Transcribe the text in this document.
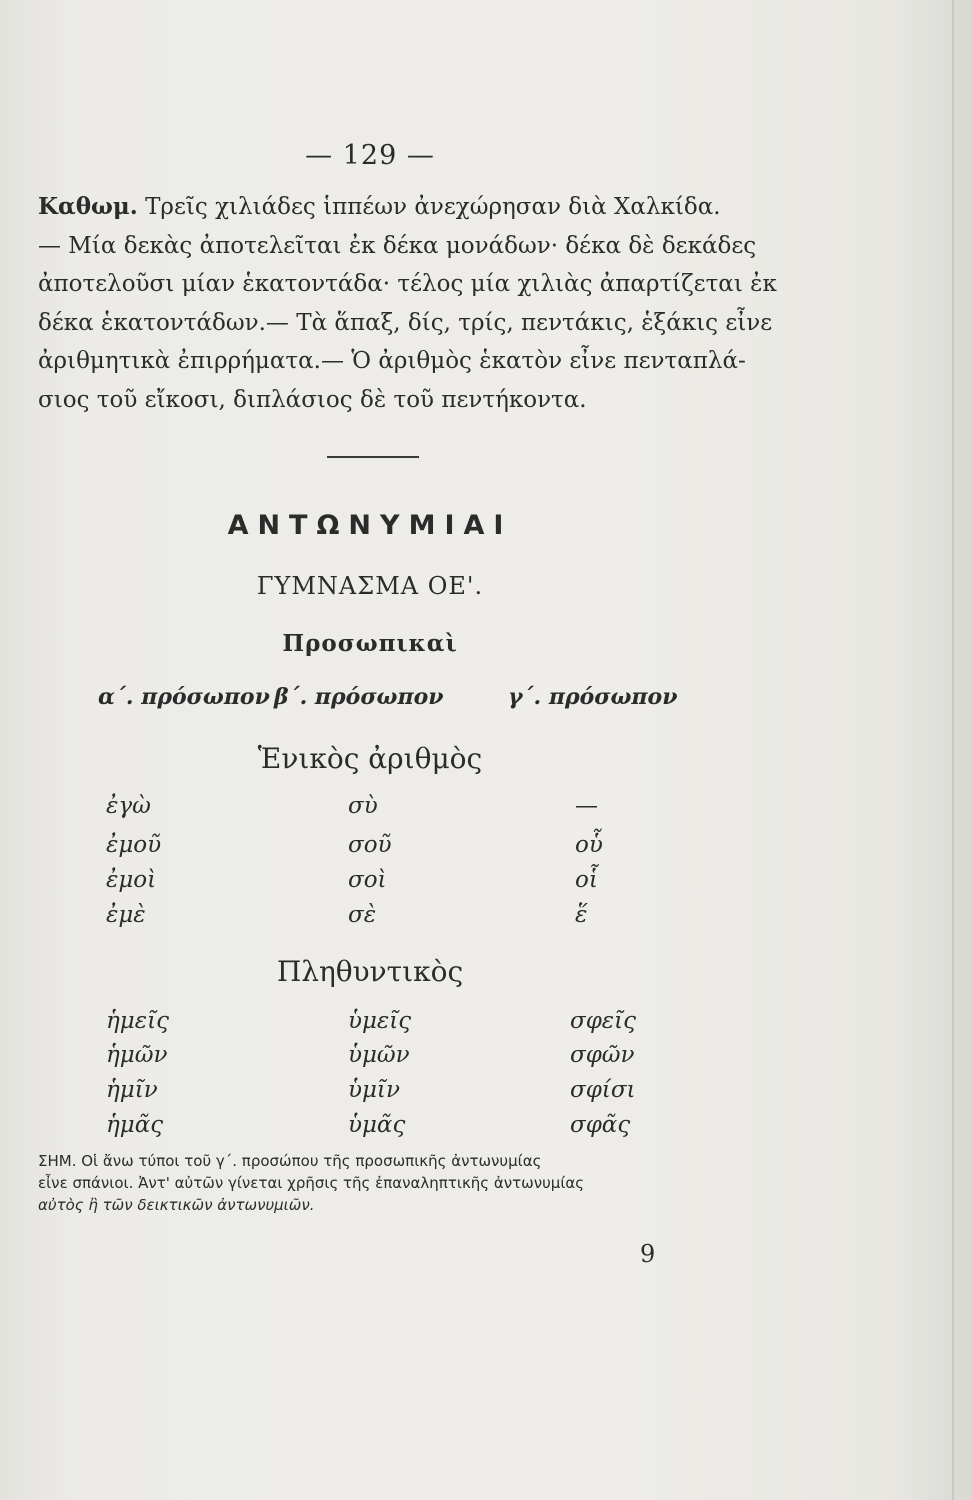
— 129 —
Καθωμ. Τρεῖς χιλιάδες ἱππέων ἀνεχώρησαν διὰ Χαλκίδα.
— Μία δεκὰς ἀποτελεῖται ἐκ δέκα μονάδων· δέκα δὲ δεκάδες
ἀποτελοῦσι μίαν ἑκατοντάδα· τέλος μία χιλιὰς ἀπαρτίζεται ἐκ
δέκα ἑκατοντάδων.— Τὰ ἅπαξ, δίς, τρίς, πεντάκις, ἑξάκις εἶνε
ἀριθμητικὰ ἐπιρρήματα.— Ὁ ἀριθμὸς ἑκατὸν εἶνε πενταπλά-
σιος τοῦ εἴκοσι, διπλάσιος δὲ τοῦ πεντήκοντα.
ΑΝΤΩΝΥΜΙΑΙ
ΓΥΜΝΑΣΜΑ ΟΕ'.
Προσωπικαὶ
α΄. πρόσωπον β΄. πρόσωπον	γ΄. πρόσωπον
Ἑνικὸς ἀριθμὸς
ἐγὼ	σὺ	—
ἐμοῦ	σοῦ	οὗ
ἐμοὶ	σοὶ	οἷ
ἐμὲ	σὲ	ἕ
Πληθυντικὸς
ἡμεῖς	ὑμεῖς	σφεῖς
ἡμῶν	ὑμῶν	σφῶν
ἡμῖν	ὑμῖν	σφίσι
ἡμᾶς	ὑμᾶς	σφᾶς
ΣΗΜ. Οἱ ἄνω τύποι τοῦ γ΄. προσώπου τῆς προσωπικῆς ἀντωνυμίας
εἶνε σπάνιοι. Ἀντ' αὐτῶν γίνεται χρῆσις τῆς ἐπαναληπτικῆς ἀντωνυμίας
αὐτὸς ἢ τῶν δεικτικῶν ἀντωνυμιῶν.
9
